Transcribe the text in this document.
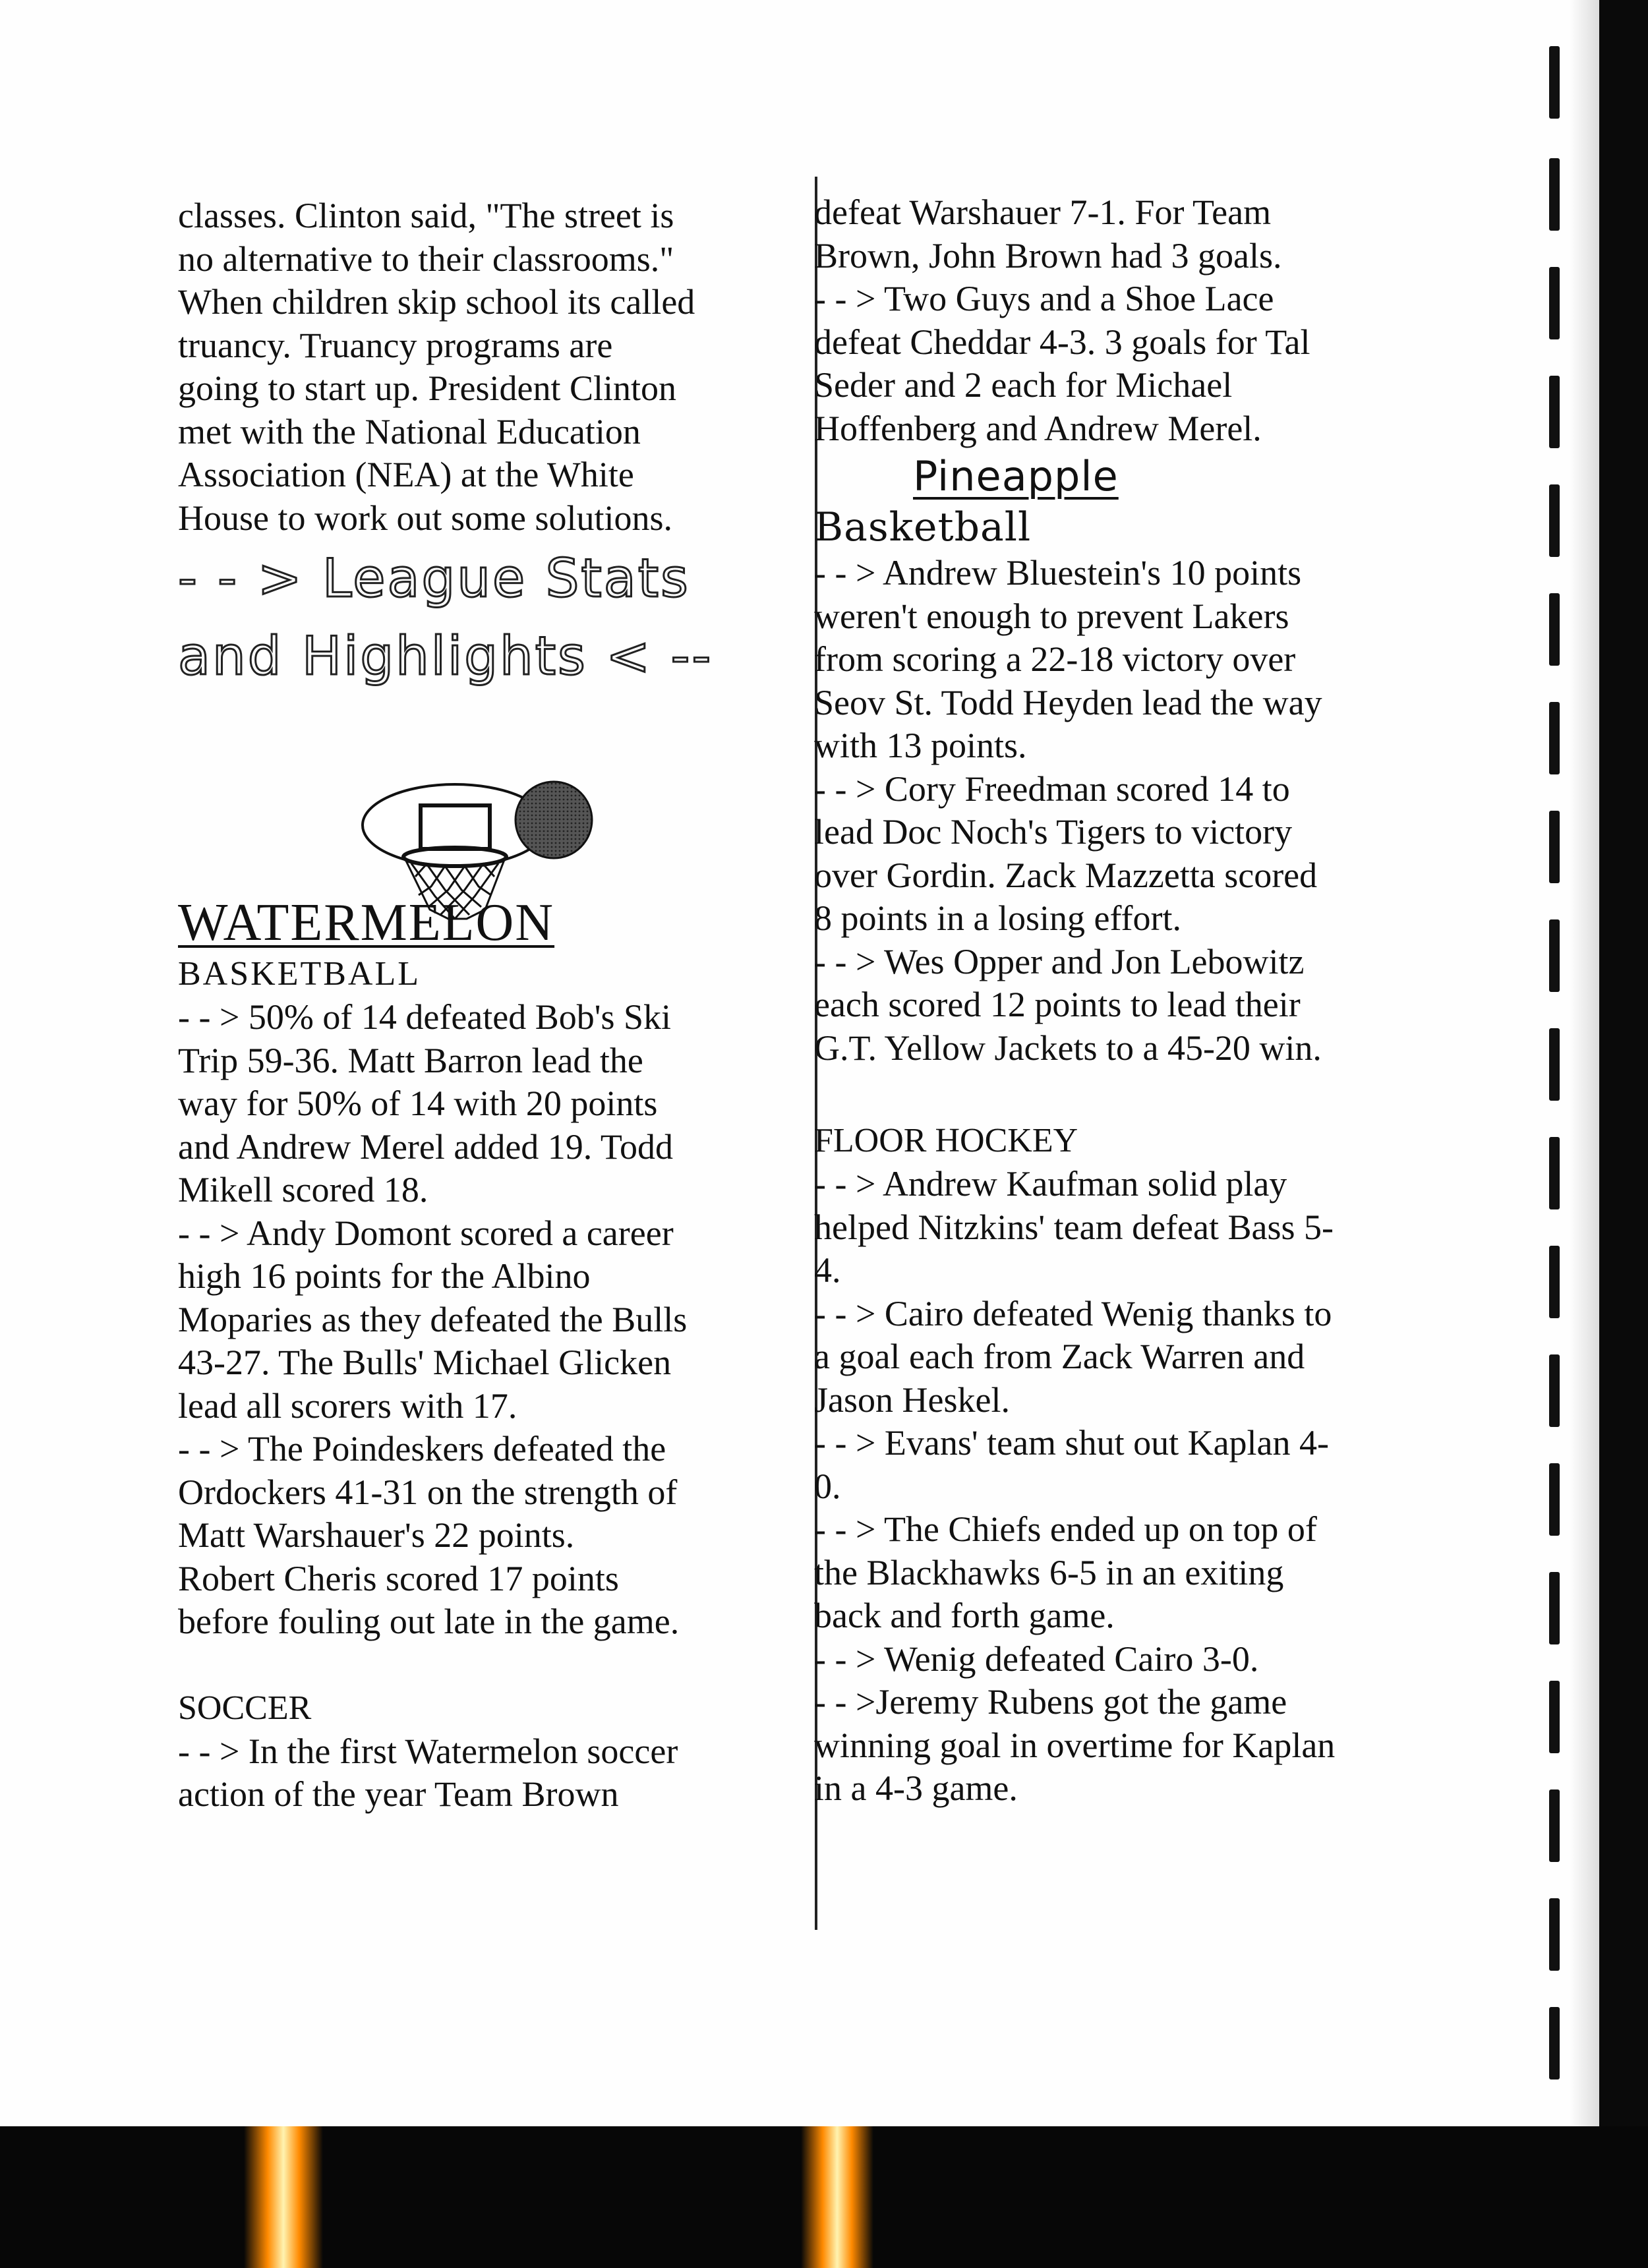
classes. Clinton said, "The street is
no alternative to their classrooms."
When children skip school its called
truancy. Truancy programs are
going to start up. President Clinton
met with the National Education
Association (NEA) at the White
House to work out some solutions.

- - > League Stats
and Highlights < --

WATERMELON

BASKETBALL

- - > 50% of 14 defeated Bob's Ski
Trip 59-36. Matt Barron lead the
way for 50% of 14 with 20 points
and Andrew Merel added 19. Todd
Mikell scored 18.
- - > Andy Domont scored a career
high 16 points for the Albino
Moparies as they defeated the Bulls
43-27. The Bulls' Michael Glicken
lead all scorers with 17.
- - > The Poindeskers defeated the
Ordockers 41-31 on the strength of
Matt Warshauer's 22 points.
Robert Cheris scored 17 points
before fouling out late in the game.

SOCCER

- - > In the first Watermelon soccer
action of the year Team Brown

defeat Warshauer 7-1. For Team
Brown, John Brown had 3 goals.
- - > Two Guys and a Shoe Lace
defeat Cheddar 4-3. 3 goals for Tal
Seder and 2 each for Michael
Hoffenberg and Andrew Merel.

Pineapple

Basketball

- - > Andrew Bluestein's 10 points
weren't enough to prevent Lakers
from scoring a 22-18 victory over
Seov St. Todd Heyden lead the way
with 13 points.
- - > Cory Freedman scored 14 to
lead Doc Noch's Tigers to victory
over Gordin. Zack Mazzetta scored
8 points in a losing effort.
- - > Wes Opper and Jon Lebowitz
each scored 12 points to lead their
G.T. Yellow Jackets to a 45-20 win.

FLOOR HOCKEY

- - > Andrew Kaufman solid play
helped Nitzkins' team defeat Bass 5-
4.
- - > Cairo defeated Wenig thanks to
a goal each from Zack Warren and
Jason Heskel.
- - > Evans' team shut out Kaplan 4-
0.
- - > The Chiefs ended up on top of
the Blackhawks 6-5 in an exiting
back and forth game.
- - > Wenig defeated Cairo 3-0.
- - >Jeremy Rubens got the game
winning goal in overtime for Kaplan
in a 4-3 game.
